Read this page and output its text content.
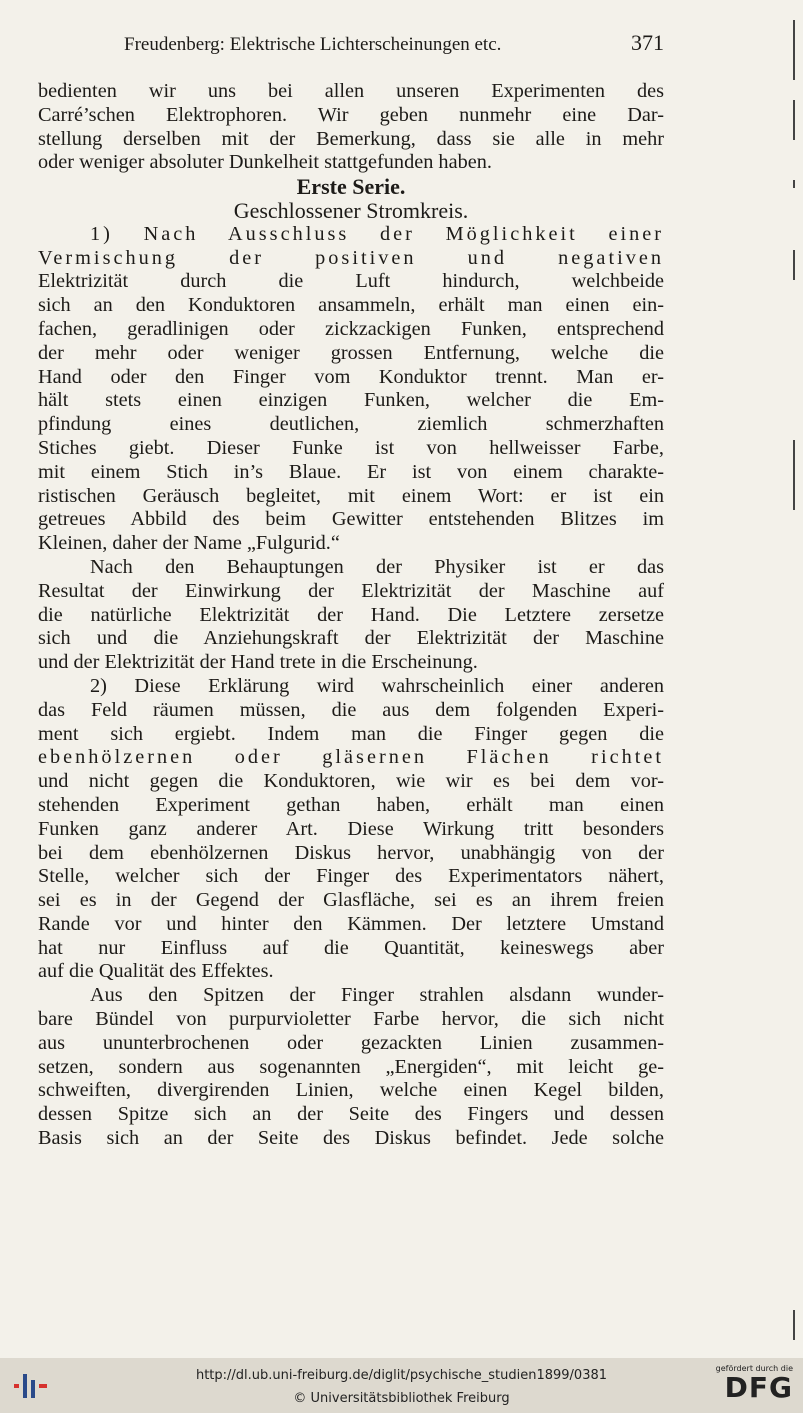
Freudenberg: Elektrische Lichterscheinungen etc.	371
bedienten wir uns bei allen unseren Experimenten des
Carré’schen Elektrophoren. Wir geben nunmehr eine Dar-
stellung derselben mit der Bemerkung, dass sie alle in mehr
oder weniger absoluter Dunkelheit stattgefunden haben.
Erste Serie.
Geschlossener Stromkreis.
1) Nach Ausschluss der Möglichkeit einer
Vermischung der positiven und negativen
Elektrizität durch die Luft hindurch, welchbeide
sich an den Konduktoren ansammeln, erhält man einen ein-
fachen, geradlinigen oder zickzackigen Funken, entsprechend
der mehr oder weniger grossen Entfernung, welche die
Hand oder den Finger vom Konduktor trennt. Man er-
hält stets einen einzigen Funken, welcher die Em-
pfindung eines deutlichen, ziemlich schmerzhaften
Stiches giebt. Dieser Funke ist von hellweisser Farbe,
mit einem Stich in’s Blaue. Er ist von einem charakte-
ristischen Geräusch begleitet, mit einem Wort: er ist ein
getreues Abbild des beim Gewitter entstehenden Blitzes im
Kleinen, daher der Name „Fulgurid.“
Nach den Behauptungen der Physiker ist er das
Resultat der Einwirkung der Elektrizität der Maschine auf
die natürliche Elektrizität der Hand. Die Letztere zersetze
sich und die Anziehungskraft der Elektrizität der Maschine
und der Elektrizität der Hand trete in die Erscheinung.
2) Diese Erklärung wird wahrscheinlich einer anderen
das Feld räumen müssen, die aus dem folgenden Experi-
ment sich ergiebt. Indem man die Finger gegen die
ebenhölzernen oder gläsernen Flächen richtet
und nicht gegen die Konduktoren, wie wir es bei dem vor-
stehenden Experiment gethan haben, erhält man einen
Funken ganz anderer Art. Diese Wirkung tritt besonders
bei dem ebenhölzernen Diskus hervor, unabhängig von der
Stelle, welcher sich der Finger des Experimentators nähert,
sei es in der Gegend der Glasfläche, sei es an ihrem freien
Rande vor und hinter den Kämmen. Der letztere Umstand
hat nur Einfluss auf die Quantität, keineswegs aber
auf die Qualität des Effektes.
Aus den Spitzen der Finger strahlen alsdann wunder-
bare Bündel von purpurvioletter Farbe hervor, die sich nicht
aus ununterbrochenen oder gezackten Linien zusammen-
setzen, sondern aus sogenannten „Energiden“, mit leicht ge-
schweiften, divergirenden Linien, welche einen Kegel bilden,
dessen Spitze sich an der Seite des Fingers und dessen
Basis sich an der Seite des Diskus befindet. Jede solche
http://dl.ub.uni-freiburg.de/diglit/psychische_studien1899/0381
© Universitätsbibliothek Freiburg
gefördert durch die
DFG
